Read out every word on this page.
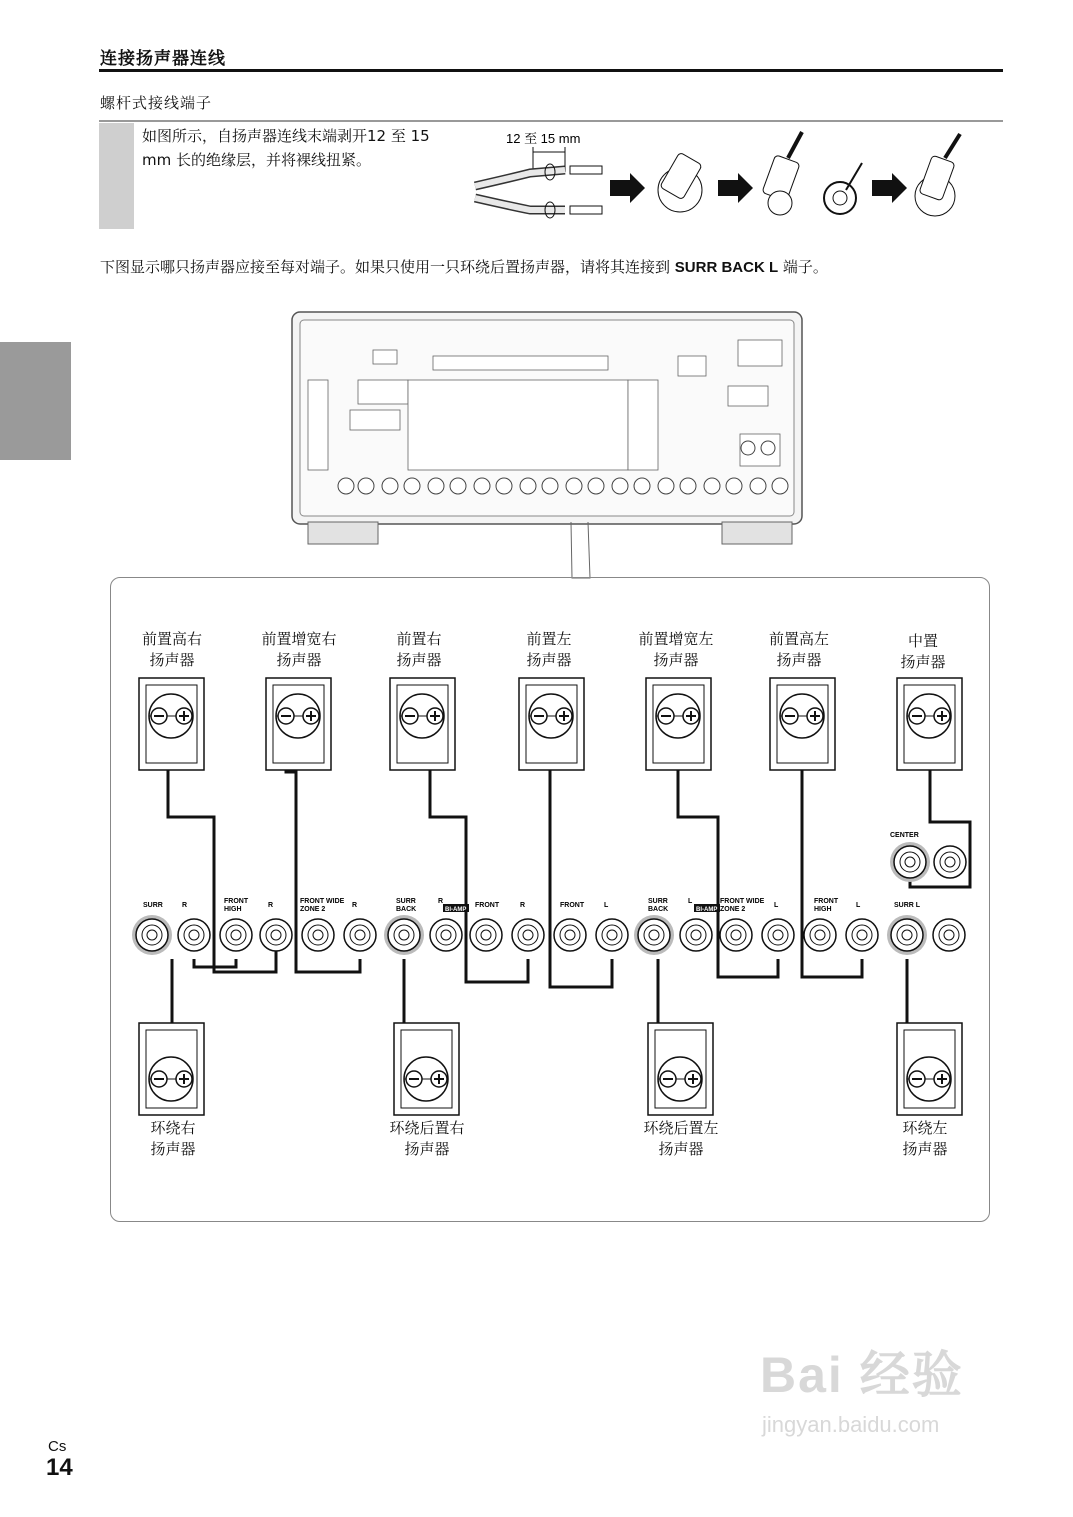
连接扬声器连线
螺杆式接线端子
如图所示，自扬声器连线末端剥开12 至 15 mm 长的绝缘层，并将裸线扭紧。
12 至 15 mm
下图显示哪只扬声器应接至每对端子。如果只使用一只环绕后置扬声器，请将其连接到 SURR BACK L 端子。
SURR	R
FRONT HIGH
R
FRONT WIDE ZONE 2
R
SURR BACK
R
FRONT	R	FRONT	L
SURR BACK
L	FRONT WIDE ZONE 2
L
FRONT HIGH
L	SURR L
CENTER
BI-AMP	BI-AMP
前置高右
扬声器
前置增宽右
扬声器
前置右
扬声器
前置左
扬声器
前置增宽左
扬声器
前置高左
扬声器
中置
扬声器
环绕右
扬声器
环绕后置右
扬声器
环绕后置左
扬声器
环绕左
扬声器
Cs
14
Bai 经验
jingyan.baidu.com
